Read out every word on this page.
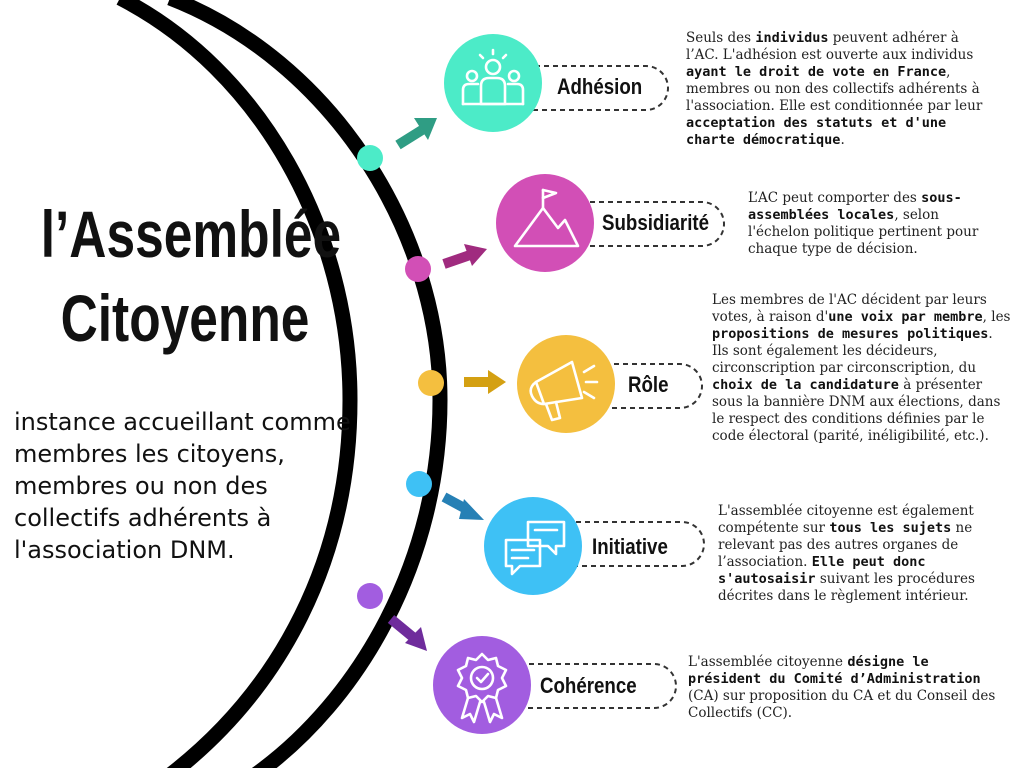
l’Assemblée
Citoyenne
instance accueillant comme membres les citoyens, membres ou non des collectifs adhérents à l'association DNM.
Adhésion
Subsidiarité
Rôle
Initiative
Cohérence
Seuls des individus peuvent adhérer à l’AC. L'adhésion est ouverte aux individus ayant le droit de vote en France, membres ou non des collectifs adhérents à l'association. Elle est conditionnée par leur acceptation des statuts et d'une charte démocratique.
L’AC peut comporter des sous-assemblées locales, selon l'échelon politique pertinent pour chaque type de décision.
Les membres de l'AC décident par leurs votes, à raison d'une voix par membre, les propositions de mesures politiques. Ils sont également les décideurs, circonscription par circonscription, du choix de la candidature à présenter sous la bannière DNM aux élections, dans le respect des conditions définies par le code électoral (parité, inéligibilité, etc.).
L'assemblée citoyenne est également compétente sur tous les sujets ne relevant pas des autres organes de l’association. Elle peut donc s'autosaisir suivant les procédures décrites dans le règlement intérieur.
L'assemblée citoyenne désigne le président du Comité d’Administration (CA) sur proposition du CA et du Conseil des Collectifs (CC).
